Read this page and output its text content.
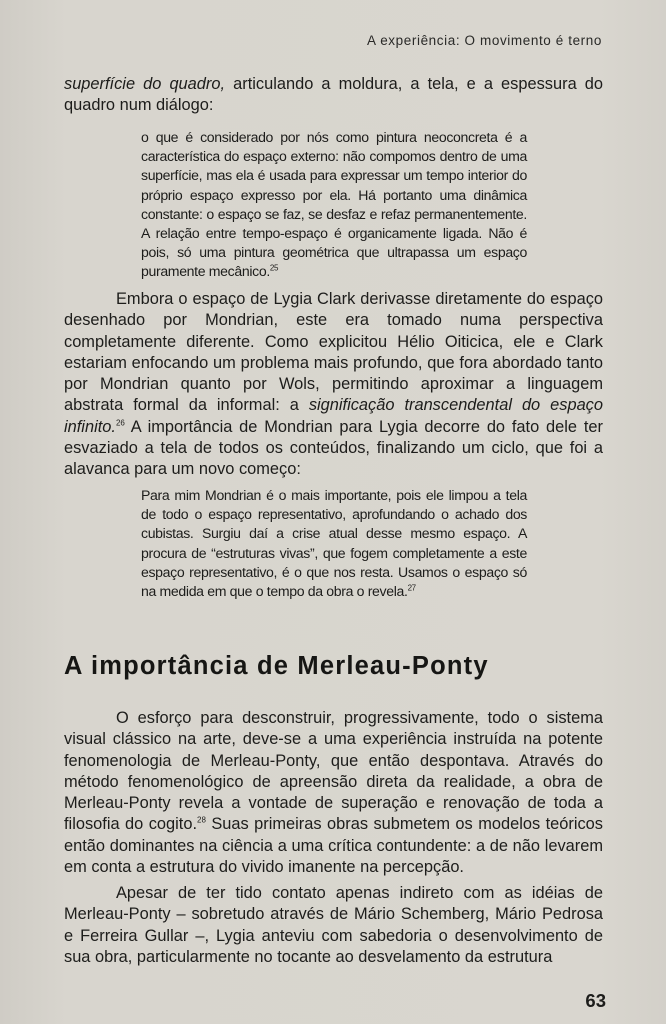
A experiência: O movimento é terno

superfície do quadro, articulando a moldura, a tela, e a espessura do quadro num diálogo:

o que é considerado por nós como pintura neoconcreta é a característica do espaço externo: não compomos dentro de uma superfície, mas ela é usada para expressar um tempo interior do próprio espaço expresso por ela. Há portanto uma dinâmica constante: o espaço se faz, se desfaz e refaz permanentemente. A relação entre tempo-espaço é organicamente ligada. Não é pois, só uma pintura geométrica que ultrapassa um espaço puramente mecânico.$^{25}$

Embora o espaço de Lygia Clark derivasse diretamente do espaço desenhado por Mondrian, este era tomado numa perspectiva completamente diferente. Como explicitou Hélio Oiticica, ele e Clark estariam enfocando um problema mais profundo, que fora abordado tanto por Mondrian quanto por Wols, permitindo aproximar a linguagem abstrata formal da informal: a significação transcendental do espaço infinito.$^{26}$ A importância de Mondrian para Lygia decorre do fato dele ter esvaziado a tela de todos os conteúdos, finalizando um ciclo, que foi a alavanca para um novo começo:

Para mim Mondrian é o mais importante, pois ele limpou a tela de todo o espaço representativo, aprofundando o achado dos cubistas. Surgiu daí a crise atual desse mesmo espaço. A procura de “estruturas vivas”, que fogem completamente a este espaço representativo, é o que nos resta. Usamos o espaço só na medida em que o tempo da obra o revela.$^{27}$

A importância de Merleau-Ponty

O esforço para desconstruir, progressivamente, todo o sistema visual clássico na arte, deve-se a uma experiência instruída na potente fenomenologia de Merleau-Ponty, que então despontava. Através do método fenomenológico de apreensão direta da realidade, a obra de Merleau-Ponty revela a vontade de superação e renovação de toda a filosofia do cogito.$^{28}$ Suas primeiras obras submetem os modelos teóricos então dominantes na ciência a uma crítica contundente: a de não levarem em conta a estrutura do vivido imanente na percepção.

Apesar de ter tido contato apenas indireto com as idéias de Merleau-Ponty – sobretudo através de Mário Schemberg, Mário Pedrosa e Ferreira Gullar –, Lygia anteviu com sabedoria o desenvolvimento de sua obra, particularmente no tocante ao desvelamento da estrutura

63
